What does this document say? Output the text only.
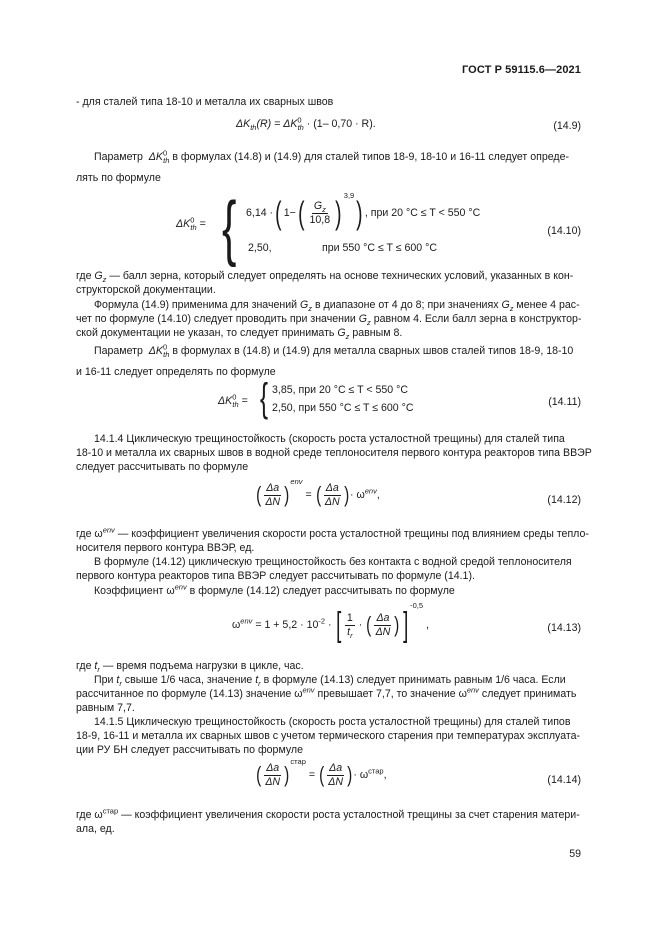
ГОСТ Р 59115.6—2021
- для сталей типа 18-10 и металла их сварных швов
$\Delta K_{th}(R) = \Delta K^0_{th} \cdot (1-$ 0,70 · R).	(14.9)
Параметр $\Delta K^0_{th}$ в формулах (14.8) и (14.9) для сталей типов 18-9, 18-10 и 16-11 следует опреде-
лять по формуле
$\Delta K^0_{th}$ = { 6,14 ·( $1-( \frac{G_z}{10,8}$ ) $^{3,9}$) , при 20 °C ≤ T < 550 °C
2,50,	при 550 °C ≤ T ≤ 600 °C
(14.10)
где $G_z$ — балл зерна, который следует определять на основе технических условий, указанных в кон-
структорской документации.
Формула (14.9) применима для значений $G_z$ в диапазоне от 4 до 8; при значениях $G_z$ менее 4 рас-
чет по формуле (14.10) следует проводить при значении $G_z$ равном 4. Если балл зерна в конструктор-
ской документации не указан, то следует принимать $G_z$ равным 8.
Параметр $\Delta K^0_{th}$ в формулах в (14.8) и (14.9) для металла сварных швов сталей типов 18-9, 18-10
и 16-11 следует определять по формуле
$\Delta K^0_{th}$ = { 3,85, при 20 °C ≤ T < 550 °C
2,50, при 550 °C ≤ T ≤ 600 °C	(14.11)
14.1.4 Циклическую трещиностойкость (скорость роста усталостной трещины) для сталей типа
18-10 и металла их сварных швов в водной среде теплоносителя первого контура реакторов типа ВВЭР
следует рассчитывать по формуле
( $\frac{\Delta a}{\Delta N} )^{env}$ = ( $\frac{\Delta a}{\Delta N}$ )· $\omega^{env}$,	(14.12)
где $\omega^{env}$ — коэффициент увеличения скорости роста усталостной трещины под влиянием среды тепло-
носителя первого контура ВВЭР, ед.
В формуле (14.12) циклическую трещиностойкость без контакта с водной средой теплоносителя
первого контура реакторов типа ВВЭР следует рассчитывать по формуле (14.1).
Коэффициент $\omega^{env}$ в формуле (14.12) следует рассчитывать по формуле
$\omega^{env} = 1 + 5,2 \cdot 10^{-2}$ · [ $\frac{1}{t_r}$ · ( $\frac{\Delta a}{\Delta N} )]^{-0,5}$ ,	(14.13)
где $t_r$ — время подъема нагрузки в цикле, час.
При $t_r$ свыше 1/6 часа, значение $t_r$ в формуле (14.13) следует принимать равным 1/6 часа. Если
рассчитанное по формуле (14.13) значение $\omega^{env}$ превышает 7,7, то значение $\omega^{env}$ следует принимать
равным 7,7.
14.1.5 Циклическую трещиностойкость (скорость роста усталостной трещины) для сталей типов
18-9, 16-11 и металла их сварных швов с учетом термического старения при температурах эксплуата-
ции РУ БН следует рассчитывать по формуле
( $\frac{\Delta a}{\Delta N} )^{стар}$ = ( $\frac{\Delta a}{\Delta N}$ )· $\omega^{стар}$,	(14.14)
где $\omega^{стар}$ — коэффициент увеличения скорости роста усталостной трещины за счет старения матери-
ала, ед.
59
